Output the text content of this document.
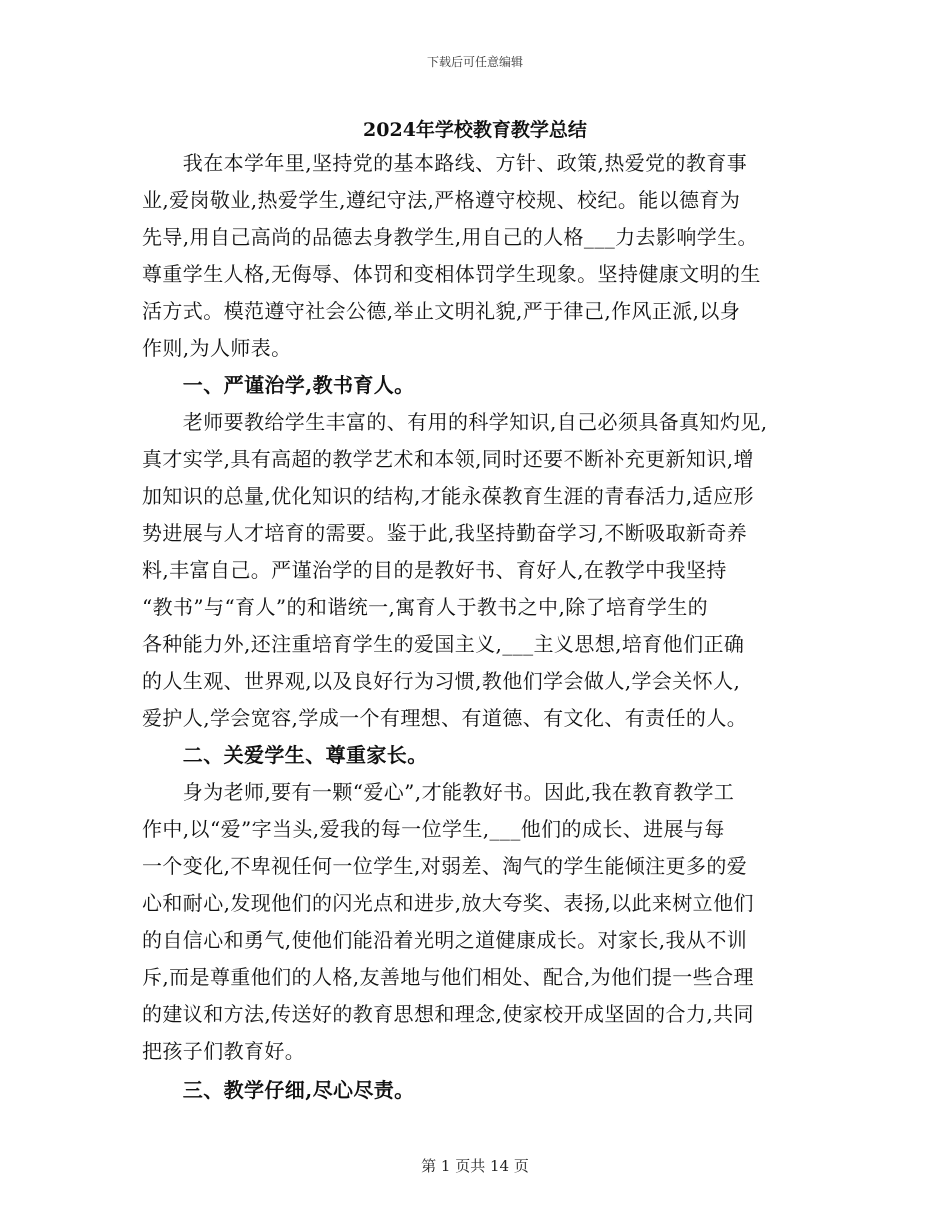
下载后可任意编辑
2024年学校教育教学总结
　　我在本学年里,坚持党的基本路线、方针、政策,热爱党的教育事
业,爱岗敬业,热爱学生,遵纪守法,严格遵守校规、校纪。能以德育为
先导,用自己高尚的品德去身教学生,用自己的人格___力去影响学生。
尊重学生人格,无侮辱、体罚和变相体罚学生现象。坚持健康文明的生
活方式。模范遵守社会公德,举止文明礼貌,严于律己,作风正派,以身
作则,为人师表。
　　一、严谨治学,教书育人。
　　老师要教给学生丰富的、有用的科学知识,自己必须具备真知灼见,
真才实学,具有高超的教学艺术和本领,同时还要不断补充更新知识,增
加知识的总量,优化知识的结构,才能永葆教育生涯的青春活力,适应形
势进展与人才培育的需要。鉴于此,我坚持勤奋学习,不断吸取新奇养
料,丰富自己。严谨治学的目的是教好书、育好人,在教学中我坚持
“教书”与“育人”的和谐统一,寓育人于教书之中,除了培育学生的
各种能力外,还注重培育学生的爱国主义,___主义思想,培育他们正确
的人生观、世界观,以及良好行为习惯,教他们学会做人,学会关怀人,
爱护人,学会宽容,学成一个有理想、有道德、有文化、有责任的人。
　　二、关爱学生、尊重家长。
　　身为老师,要有一颗“爱心”,才能教好书。因此,我在教育教学工
作中,以“爱”字当头,爱我的每一位学生,___他们的成长、进展与每
一个变化,不卑视任何一位学生,对弱差、淘气的学生能倾注更多的爱
心和耐心,发现他们的闪光点和进步,放大夸奖、表扬,以此来树立他们
的自信心和勇气,使他们能沿着光明之道健康成长。对家长,我从不训
斥,而是尊重他们的人格,友善地与他们相处、配合,为他们提一些合理
的建议和方法,传送好的教育思想和理念,使家校开成坚固的合力,共同
把孩子们教育好。
　　三、教学仔细,尽心尽责。
第 1 页共 14 页
